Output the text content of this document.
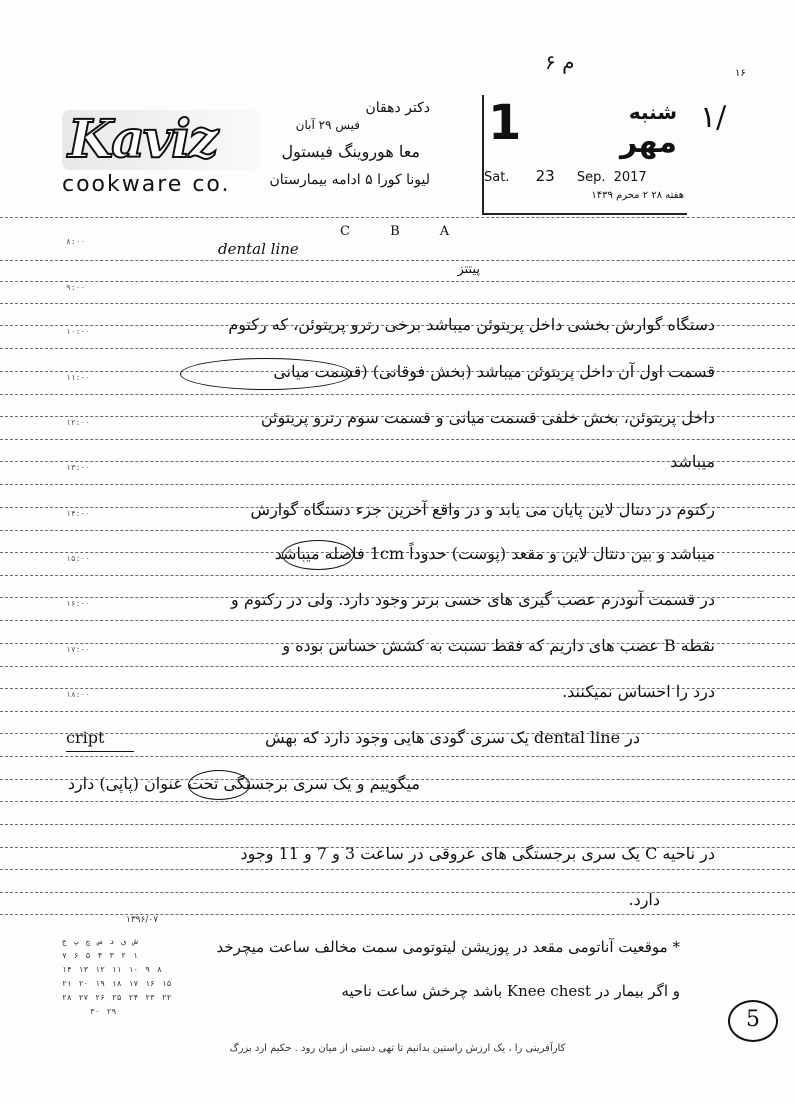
م ۶	۱۶
١/
دکتر دهقان
فیس ۲۹ آبان
معا هوروینگ فیستول
لیونا کورا ۵ ادامه بیمارستان
Kaviz
cookware co.
شنبه
مهر
1
Sat. 23 Sep. 2017
هفته ۲۸ ۲ محرم ۱۴۳۹
۸:۰۰
۹:۰۰
۱۰:۰۰
۱۱:۰۰
۱۲:۰۰
۱۳:۰۰
۱۴:۰۰
۱۵:۰۰
۱۶:۰۰
۱۷:۰۰
۱۸:۰۰
dental line
C B A
پیتتز
دستگاه گوارش بخشی داخل پریتوئن میباشد برخی رترو پریتوئن، که رکتوم
قسمت اول آن داخل پریتوئن میباشد (بخش فوقانی) (قسمت میانی
داخل پریتوئن، بخش خلفی قسمت میانی و قسمت سوم رترو پریتوئن
میباشد
رکتوم در دنتال لاین پایان می یابد و در واقع آخرین جزء دستگاه گوارش
میباشد و بین دنتال لاین و مقعد (پوست) حدوداً 1cm فاصله میباشد
در قسمت آنودرم عصب گیری های حسی برتر وجود دارد. ولی در رکتوم و
نقطه B عصب های داریم که فقط نسبت به کشش حساس بوده و
درد را احساس نمیکنند.
cript	در dental line یک سری گودی هایی وجود دارد که بهش
میگوییم و یک سری برجستگی تحت عنوان (پاپی) دارد
در ناحیه C یک سری برجستگی های عروقی در ساعت 3 و 7 و 11 وجود
دارد.
* موقعیت آناتومی مقعد در پوزیشن لیتوتومی سمت مخالف ساعت میچرخد
و اگر بیمار در Knee chest باشد چرخش ساعت ناحیه
۱۳۹۶/۰۷
ج پ چ س د ی ش
۷ ۶ ۵ ۴ ۳ ۲ ۱
۱۴ ۱۳ ۱۲ ۱۱ ۱۰ ۹ ۸
۲۱ ۲۰ ۱۹ ۱۸ ۱۷ ۱۶ ۱۵
۲۸ ۲۷ ۲۶ ۲۵ ۲۴ ۲۳ ۲۲
۳۰ ۲۹	5
کارآفرینی را ، یک ارزش راستین بدانیم تا تهی دستی از میان رود . حکیم ارد بزرگ
